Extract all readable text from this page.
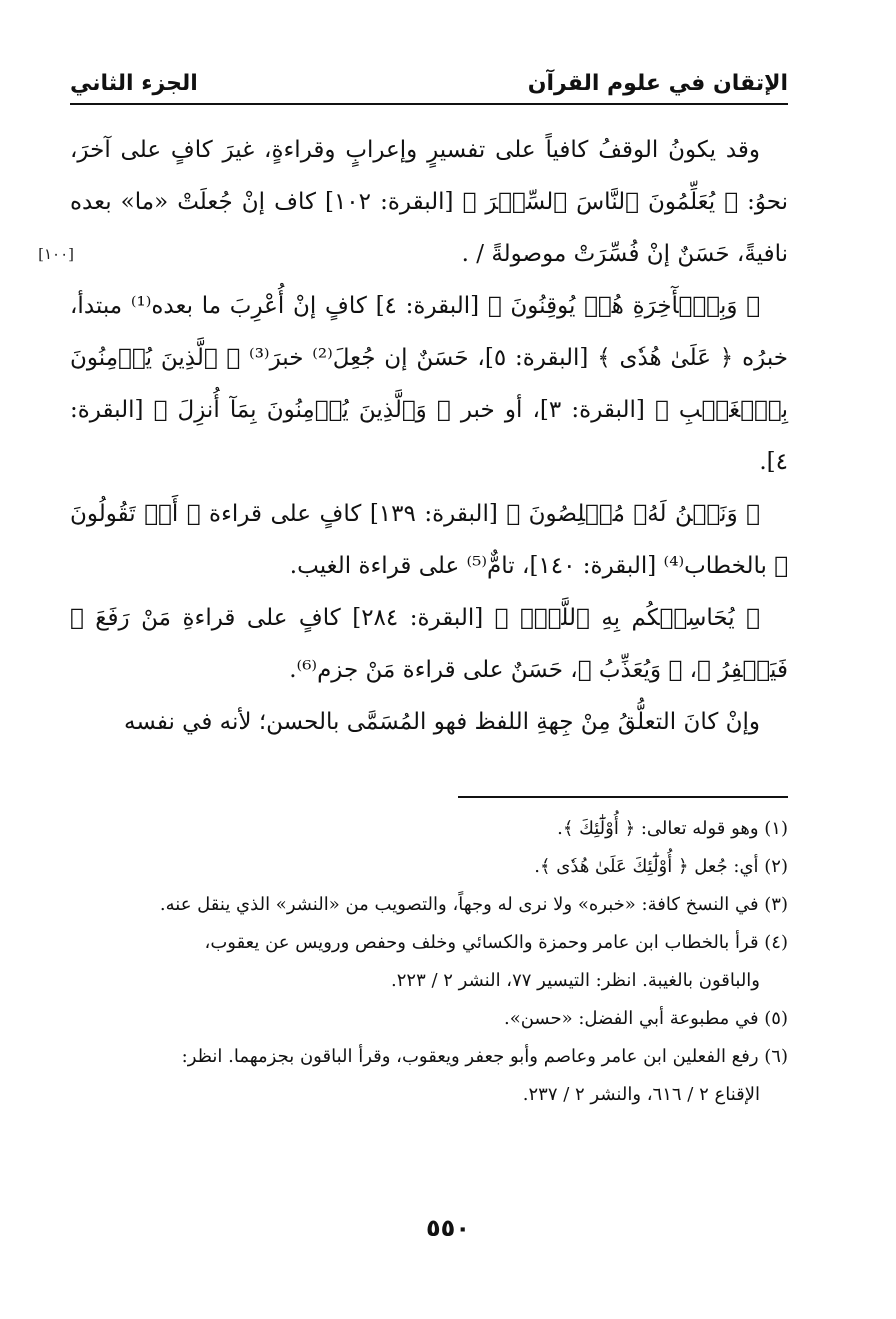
الإتقان في علوم القرآن
الجزء الثاني
[١٠٠]

وقد يكونُ الوقفُ كافياً على تفسيرٍ وإعرابٍ وقراءةٍ، غيرَ كافٍ على آخرَ، نحوُ: ﴿ يُعَلِّمُونَ ٱلنَّاسَ ٱلسِّحۡرَ ﴾ [البقرة: ١٠٢] كاف إنْ جُعلَتْ «ما» بعده نافيةً، حَسَنٌ إنْ فُسِّرَتْ موصولةً / .

﴿ وَبِٱلۡأٓخِرَةِ هُمۡ يُوقِنُونَ ﴾ [البقرة: ٤] كافٍ إنْ أُعْرِبَ ما بعده⁽¹⁾ مبتدأ، خبرُه ﴿ عَلَىٰ هُدٗى ﴾ [البقرة: ٥]، حَسَنٌ إن جُعِلَ⁽²⁾ خبرَ⁽³⁾ ﴿ ٱلَّذِينَ يُؤۡمِنُونَ بِٱلۡغَيۡبِ ﴾ [البقرة: ٣]، أو خبر ﴿ وَٱلَّذِينَ يُؤۡمِنُونَ بِمَآ أُنزِلَ ﴾ [البقرة: ٤].

﴿ وَنَحۡنُ لَهُۥ مُخۡلِصُونَ ﴾ [البقرة: ١٣٩] كافٍ على قراءة ﴿ أَمۡ تَقُولُونَ ﴾ بالخطاب⁽⁴⁾ [البقرة: ١٤٠]، تامٌّ⁽⁵⁾ على قراءة الغيب.

﴿ يُحَاسِبۡكُم بِهِ ٱللَّهُۖ ﴾ [البقرة: ٢٨٤] كافٍ على قراءةِ مَنْ رَفَعَ ﴿ فَيَغۡفِرُ ﴾، ﴿ وَيُعَذِّبُ ﴾، حَسَنٌ على قراءة مَنْ جزم⁽⁶⁾.

وإنْ كانَ التعلُّقُ مِنْ جِهةِ اللفظ فهو المُسَمَّى بالحسن؛ لأنه في نفسه

(١) وهو قوله تعالى: ﴿ أُوْلَٰٓئِكَ ﴾.

(٢) أي: جُعل ﴿ أُوْلَٰٓئِكَ عَلَىٰ هُدٗى ﴾.

(٣) في النسخ كافة: «خبره» ولا نرى له وجهاً، والتصويب من «النشر» الذي ينقل عنه.

(٤) قرأ بالخطاب ابن عامر وحمزة والكسائي وخلف وحفص ورويس عن يعقوب،

والباقون بالغيبة. انظر: التيسير ٧٧، النشر ٢ / ٢٢٣.

(٥) في مطبوعة أبي الفضل: «حسن».

(٦) رفع الفعلين ابن عامر وعاصم وأبو جعفر ويعقوب، وقرأ الباقون بجزمهما. انظر:

الإقناع ٢ / ٦١٦، والنشر ٢ / ٢٣٧.

٥٥٠
